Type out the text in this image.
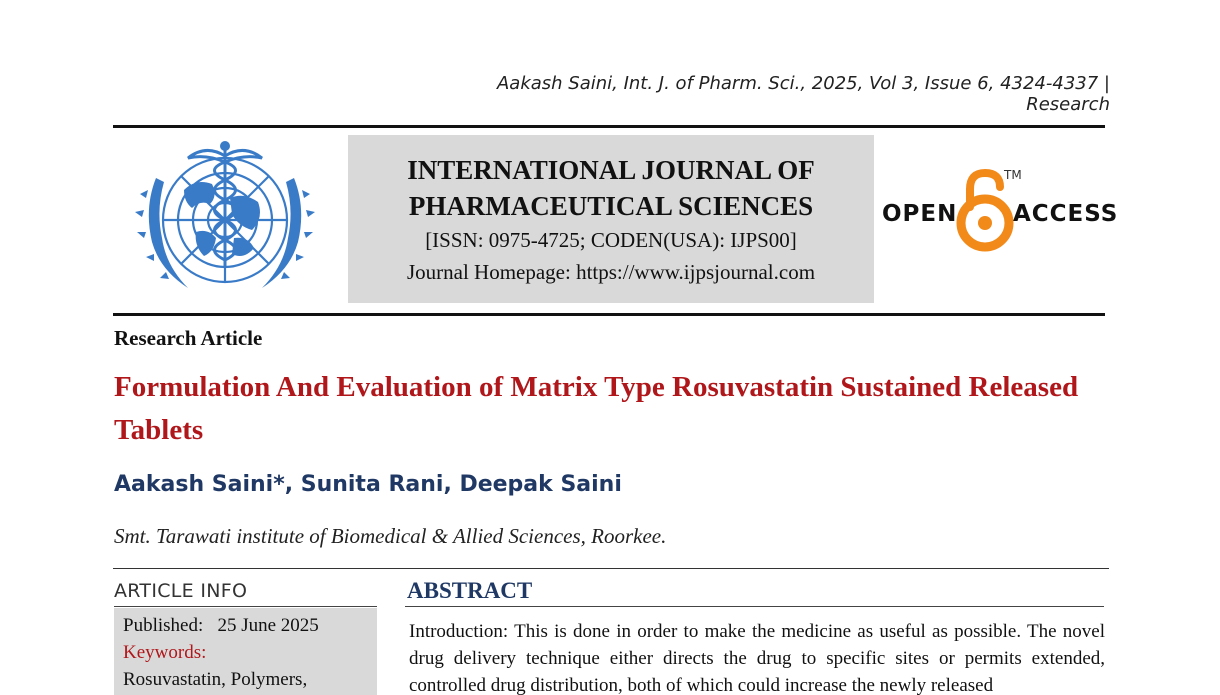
Aakash Saini, Int. J. of Pharm. Sci., 2025, Vol 3, Issue 6, 4324-4337 | Research
INTERNATIONAL JOURNAL OF
PHARMACEUTICAL SCIENCES
[ISSN: 0975-4725; CODEN(USA): IJPS00]
Journal Homepage: https://www.ijpsjournal.com
OPEN ACCESS
TM
Research Article
Formulation And Evaluation of Matrix Type Rosuvastatin Sustained Released Tablets
Aakash Saini*, Sunita Rani, Deepak Saini
Smt. Tarawati institute of Biomedical & Allied Sciences, Roorkee.
ARTICLE INFO
Published: 25 June 2025
Keywords:
Rosuvastatin, Polymers,
ABSTRACT
Introduction: This is done in order to make the medicine as useful as possible. The novel drug delivery technique either directs the drug to specific sites or permits extended, controlled drug distribution, both of which could increase the newly released
